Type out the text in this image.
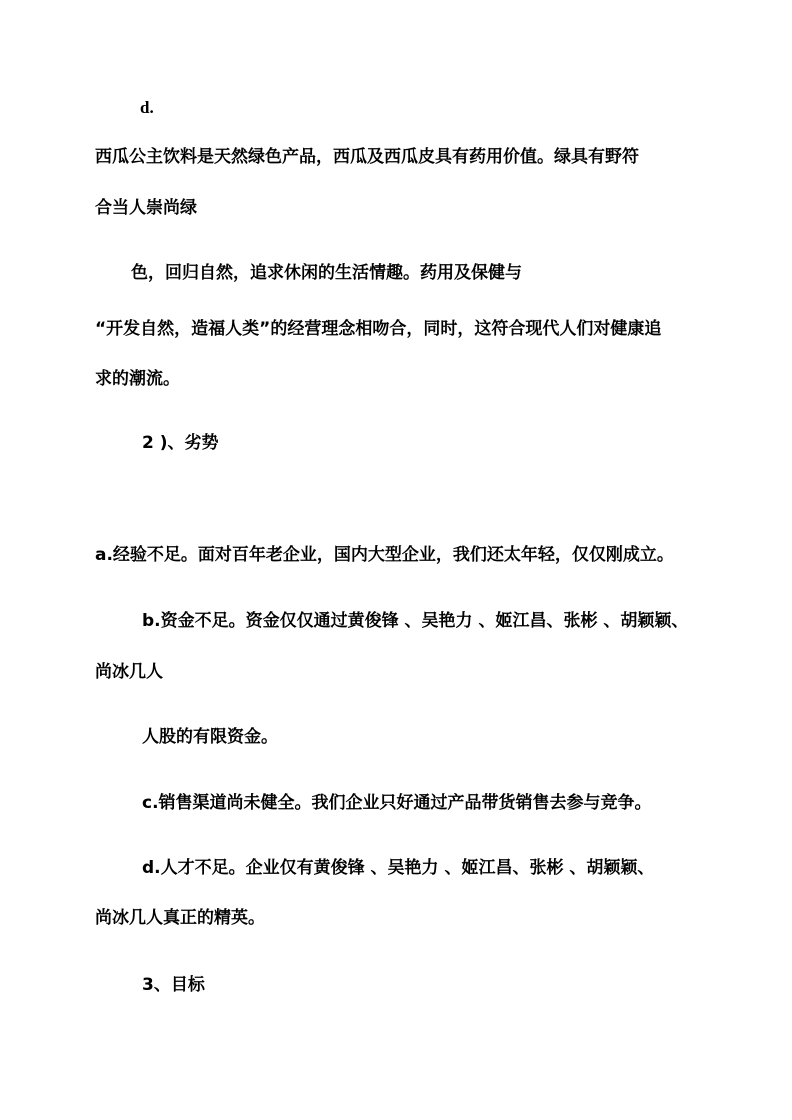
d.
西瓜公主饮料是天然绿色产品，西瓜及西瓜皮具有药用价值。绿具有野符
合当人崇尚绿
色，回归自然，追求休闲的生活情趣。药用及保健与
“开发自然，造福人类”的经营理念相吻合，同时，这符合现代人们对健康追
求的潮流。
2 )、劣势
a.经验不足。面对百年老企业，国内大型企业，我们还太年轻，仅仅刚成立。
b.资金不足。资金仅仅通过黄俊锋 、吴艳力 、姬江昌、张彬 、胡颖颖、
尚冰几人
人股的有限资金。
c.销售渠道尚未健全。我们企业只好通过产品带货销售去参与竞争。
d.人才不足。企业仅有黄俊锋 、吴艳力 、姬江昌、张彬 、胡颖颖、
尚冰几人真正的精英。
3、目标
